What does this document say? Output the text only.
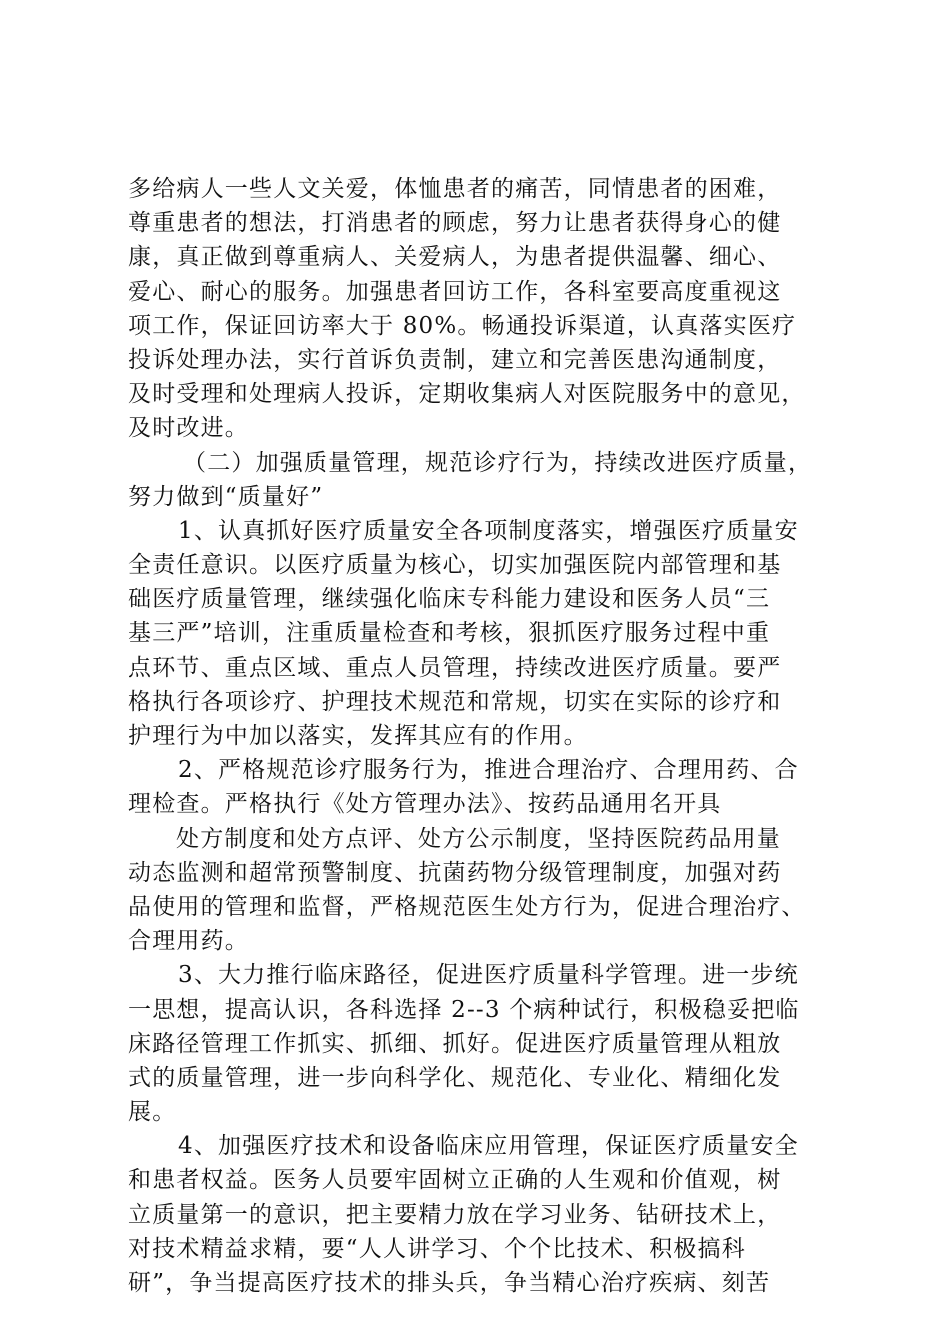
多给病人一些人文关爱，体恤患者的痛苦，同情患者的困难，
尊重患者的想法，打消患者的顾虑，努力让患者获得身心的健
康，真正做到尊重病人、关爱病人，为患者提供温馨、细心、
爱心、耐心的服务。加强患者回访工作，各科室要高度重视这
项工作，保证回访率大于 80%。畅通投诉渠道，认真落实医疗
投诉处理办法，实行首诉负责制，建立和完善医患沟通制度，
及时受理和处理病人投诉，定期收集病人对医院服务中的意见，
及时改进。
（二）加强质量管理，规范诊疗行为，持续改进医疗质量，
努力做到“质量好”
1、认真抓好医疗质量安全各项制度落实，增强医疗质量安
全责任意识。以医疗质量为核心，切实加强医院内部管理和基
础医疗质量管理，继续强化临床专科能力建设和医务人员“三
基三严”培训，注重质量检查和考核，狠抓医疗服务过程中重
点环节、重点区域、重点人员管理，持续改进医疗质量。要严
格执行各项诊疗、护理技术规范和常规，切实在实际的诊疗和
护理行为中加以落实，发挥其应有的作用。
2、严格规范诊疗服务行为，推进合理治疗、合理用药、合
理检查。严格执行《处方管理办法》、按药品通用名开具
处方制度和处方点评、处方公示制度，坚持医院药品用量
动态监测和超常预警制度、抗菌药物分级管理制度，加强对药
品使用的管理和监督，严格规范医生处方行为，促进合理治疗、
合理用药。
3、大力推行临床路径，促进医疗质量科学管理。进一步统
一思想，提高认识，各科选择 2--3 个病种试行，积极稳妥把临
床路径管理工作抓实、抓细、抓好。促进医疗质量管理从粗放
式的质量管理，进一步向科学化、规范化、专业化、精细化发
展。
4、加强医疗技术和设备临床应用管理，保证医疗质量安全
和患者权益。医务人员要牢固树立正确的人生观和价值观，树
立质量第一的意识，把主要精力放在学习业务、钻研技术上，
对技术精益求精，要“人人讲学习、个个比技术、积极搞科
研”，争当提高医疗技术的排头兵，争当精心治疗疾病、刻苦
